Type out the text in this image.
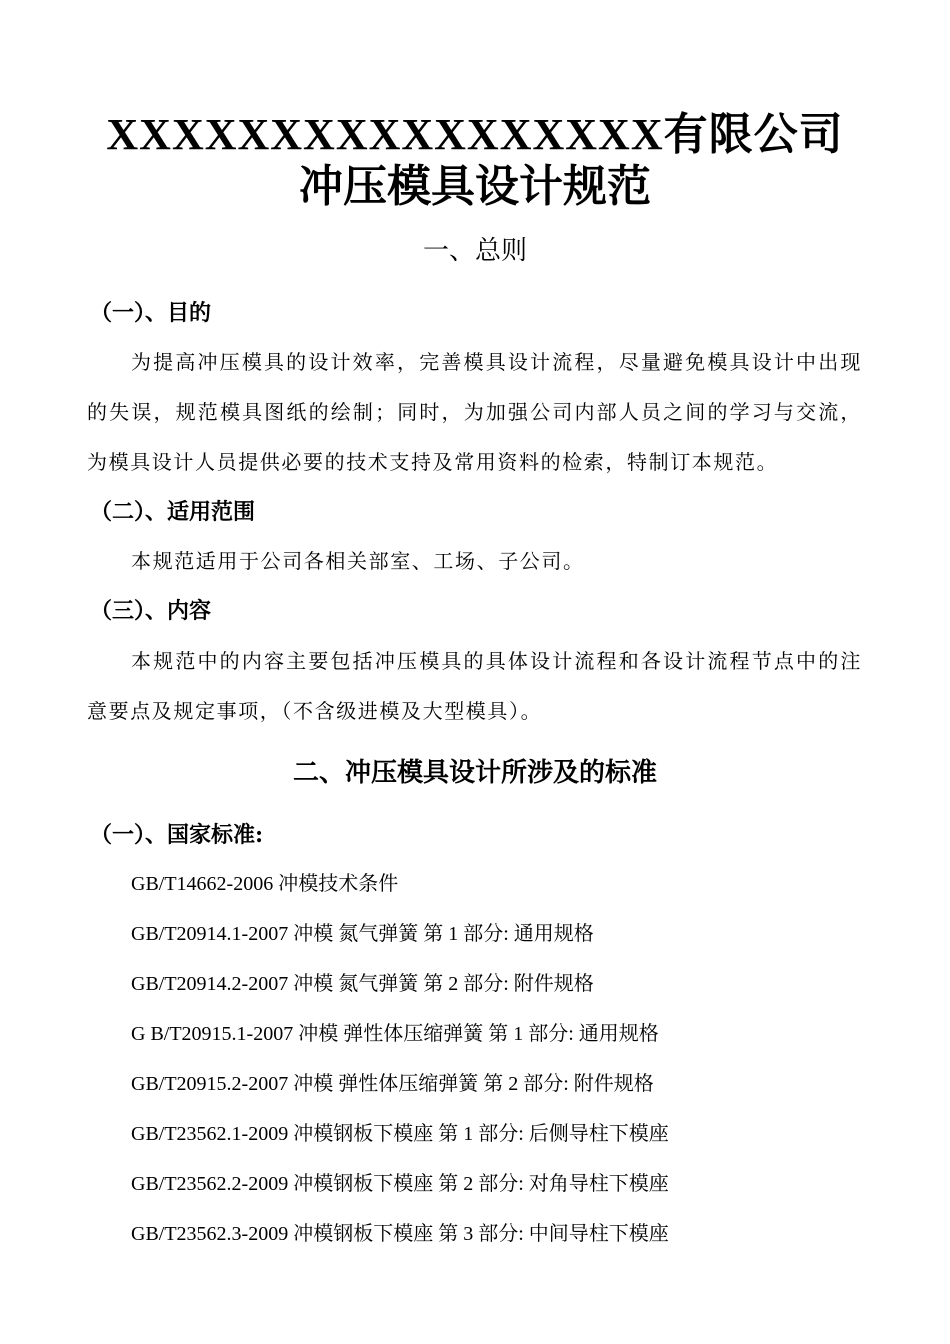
XXXXXXXXXXXXXXXXX有限公司
冲压模具设计规范
一、总则
（一）、目的
为提高冲压模具的设计效率，完善模具设计流程，尽量避免模具设计中出现的失误，规范模具图纸的绘制；同时，为加强公司内部人员之间的学习与交流，为模具设计人员提供必要的技术支持及常用资料的检索，特制订本规范。
（二）、适用范围
本规范适用于公司各相关部室、工场、子公司。
（三）、内容
本规范中的内容主要包括冲压模具的具体设计流程和各设计流程节点中的注意要点及规定事项，（不含级进模及大型模具）。
二、冲压模具设计所涉及的标准
（一）、国家标准:
GB/T14662-2006 冲模技术条件
GB/T20914.1-2007 冲模 氮气弹簧 第 1 部分: 通用规格
GB/T20914.2-2007 冲模 氮气弹簧 第 2 部分: 附件规格
G B/T20915.1-2007 冲模 弹性体压缩弹簧 第 1 部分: 通用规格
GB/T20915.2-2007 冲模 弹性体压缩弹簧 第 2 部分: 附件规格
GB/T23562.1-2009 冲模钢板下模座 第 1 部分: 后侧导柱下模座
GB/T23562.2-2009 冲模钢板下模座 第 2 部分: 对角导柱下模座
GB/T23562.3-2009 冲模钢板下模座 第 3 部分: 中间导柱下模座
